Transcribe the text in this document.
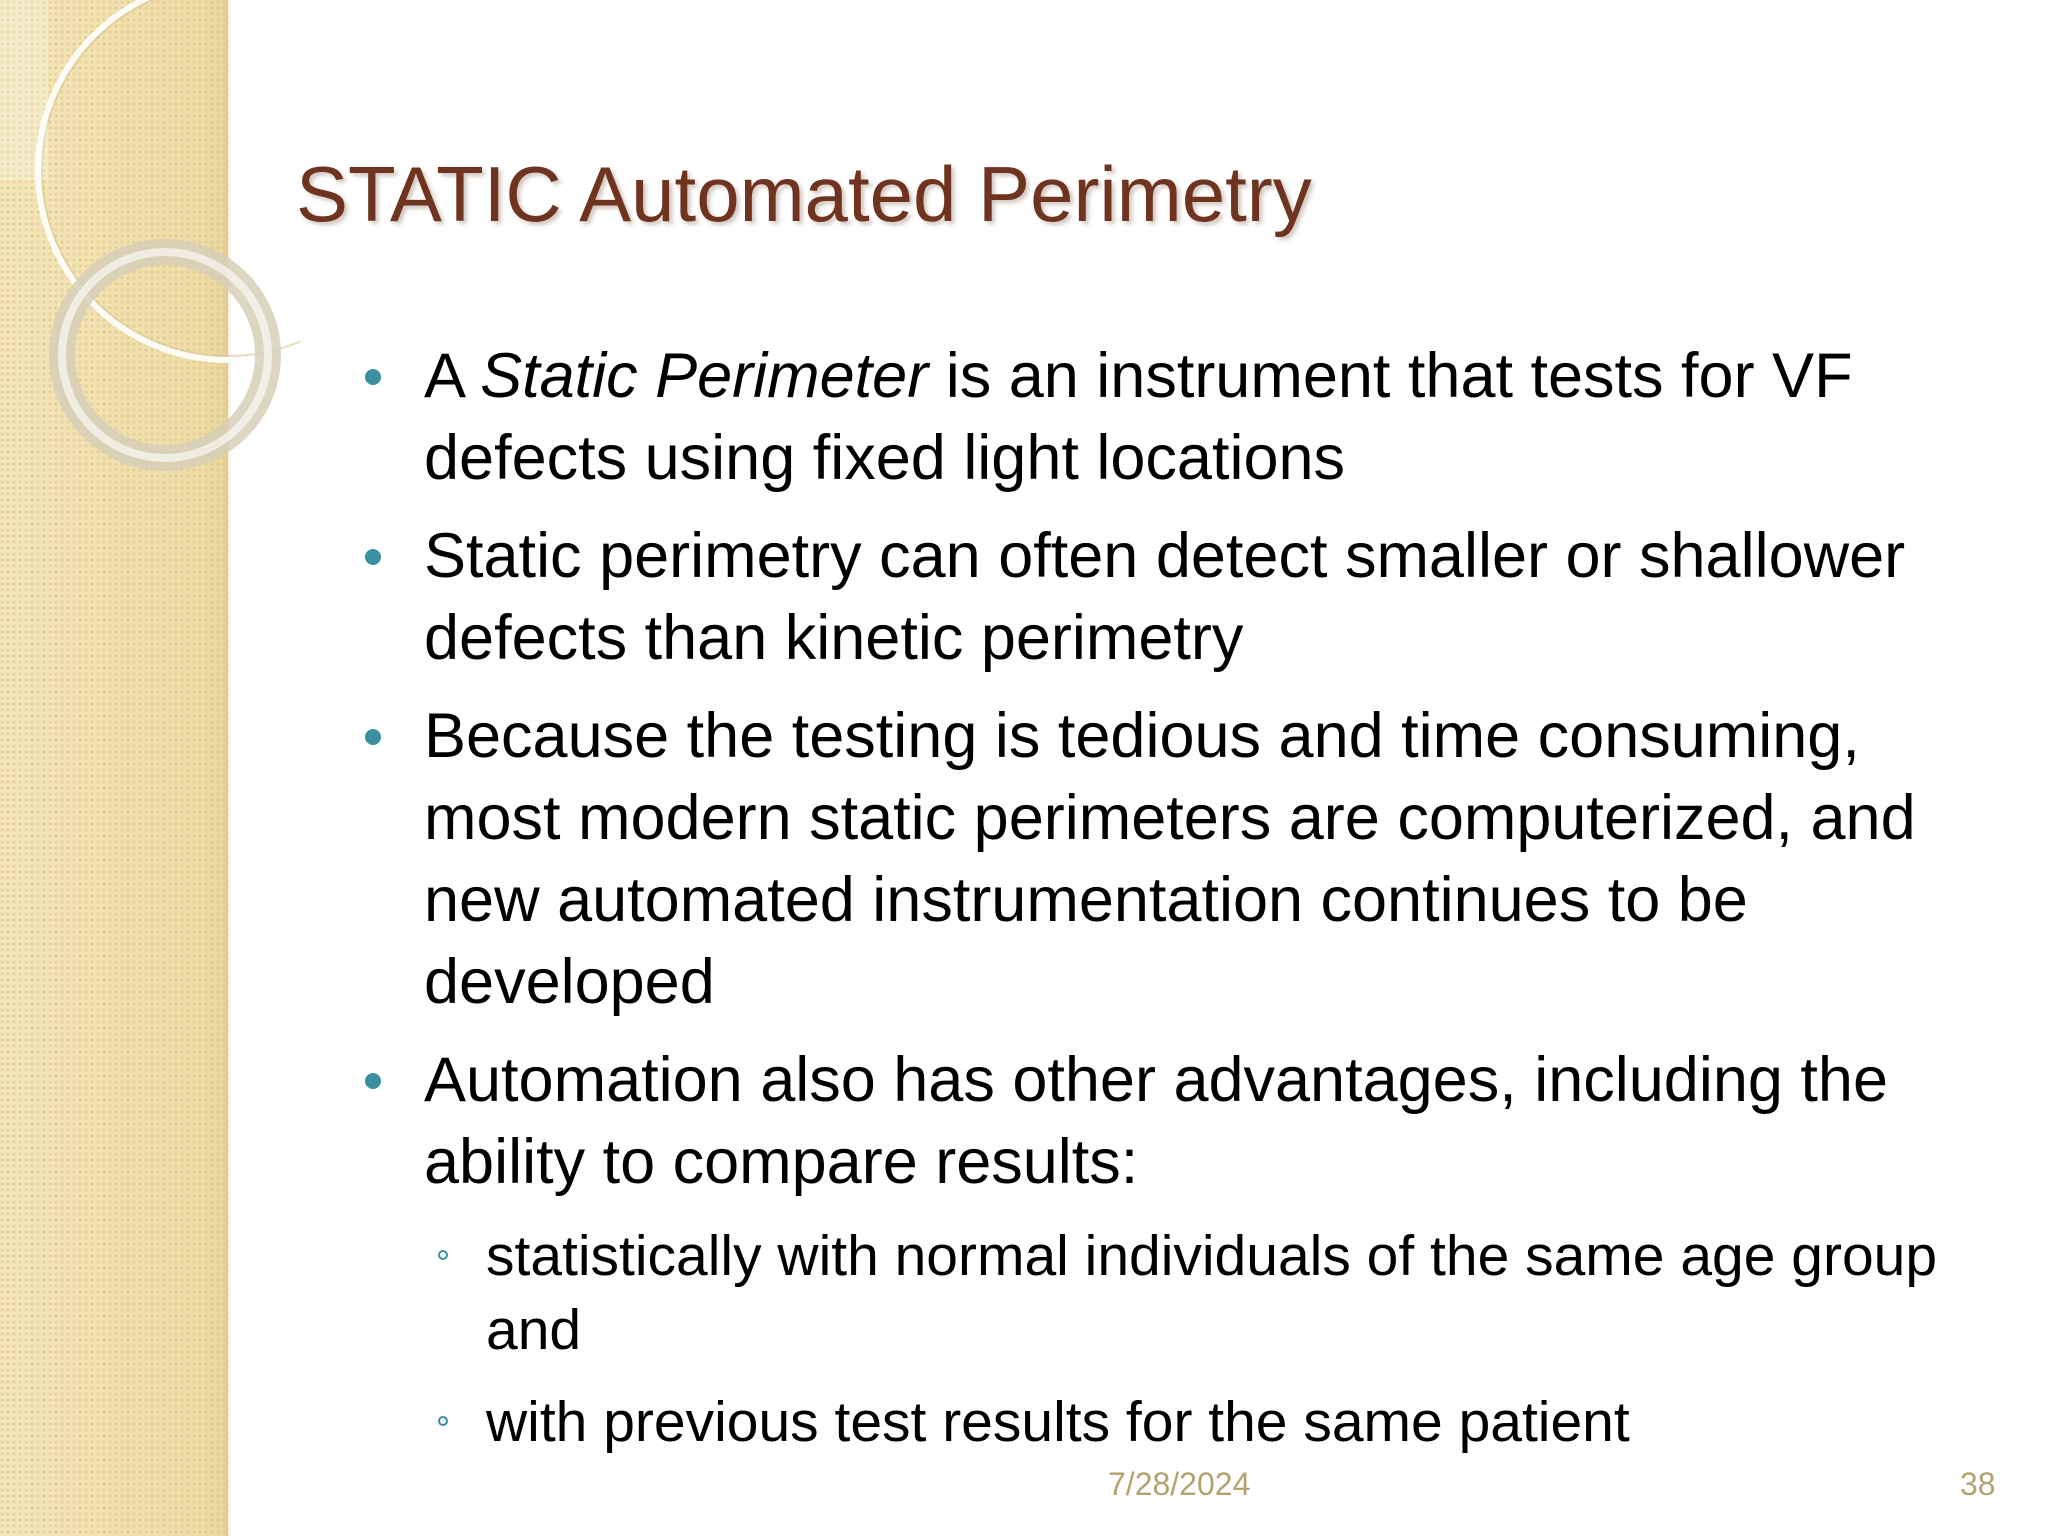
STATIC Automated Perimetry
A Static Perimeter is an instrument that tests for VF defects using fixed light locations
Static perimetry can often detect smaller or shallower defects than kinetic perimetry
Because the testing is tedious and time consuming, most modern static perimeters are computerized, and new automated instrumentation continues to be developed
Automation also has other advantages, including the ability to compare results:
statistically with normal individuals of the same age group and
with previous test results for the same patient
7/28/2024	38
